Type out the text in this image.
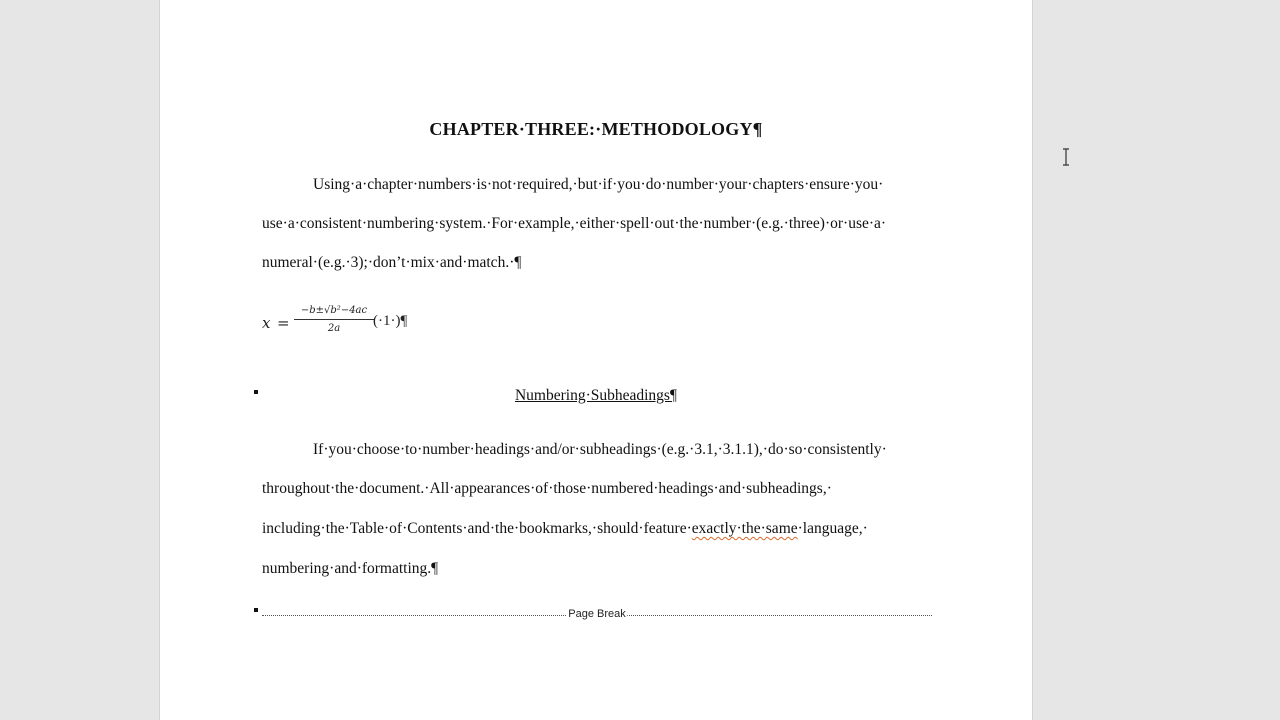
CHAPTER·THREE:·METHODOLOGY¶
Using·a·chapter·numbers·is·not·required,·but·if·you·do·number·your·chapters·ensure·you·
use·a·consistent·numbering·system.·For·example,·either·spell·out·the·number·(e.g.·three)·or·use·a·
numeral·(e.g.·3);·don’t·mix·and·match.·¶
x =
−b±√b²−4ac
2a	(·1·)¶
Numbering·Subheadings¶
If·you·choose·to·number·headings·and/or·subheadings·(e.g.·3.1,·3.1.1),·do·so·consistently·
throughout·the·document.·All·appearances·of·those·numbered·headings·and·subheadings,·
including·the·Table·of·Contents·and·the·bookmarks,·should·feature·exactly·the·same·language,·
numbering·and·formatting.¶
Page Break
